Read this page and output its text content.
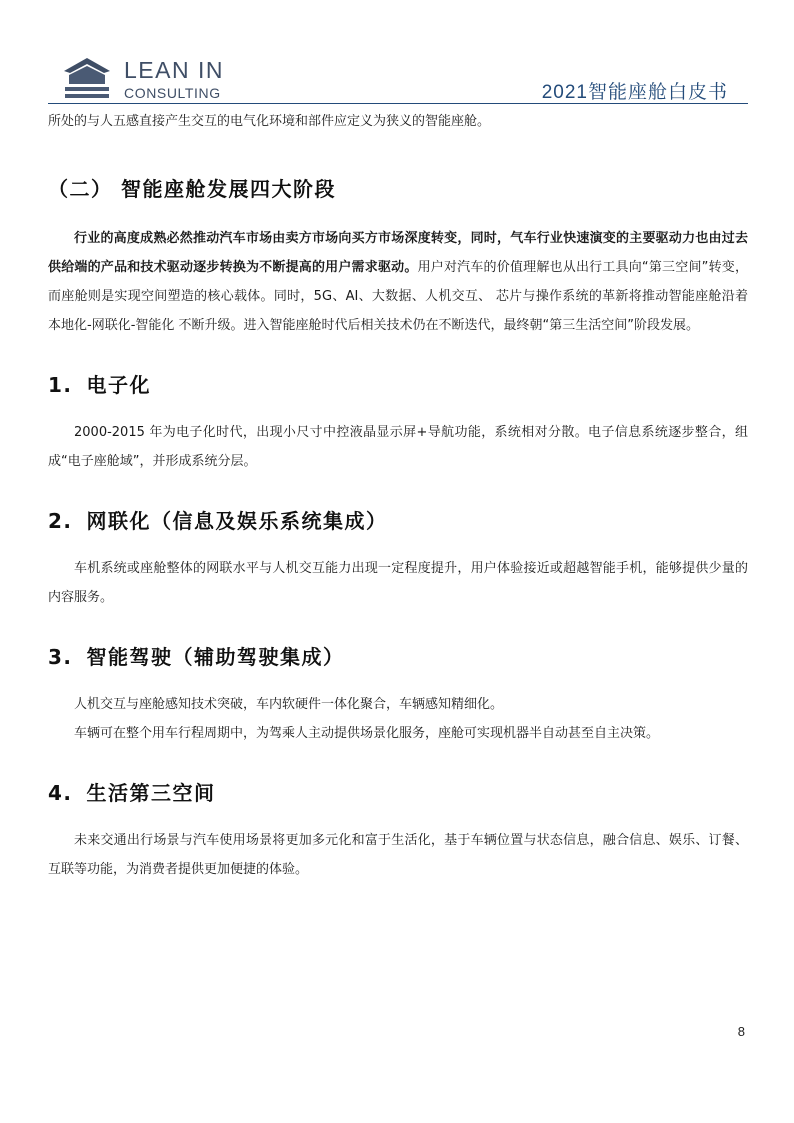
LEAN IN
CONSULTING	2021智能座舱白皮书

所处的与人五感直接产生交互的电气化环境和部件应定义为狭义的智能座舱。

（二） 智能座舱发展四大阶段

行业的高度成熟必然推动汽车市场由卖方市场向买方市场深度转变，同时，气车行业快速演变的主要驱动力也由过去供给端的产品和技术驱动逐步转换为不断提高的用户需求驱动。用户对汽车的价值理解也从出行工具向“第三空间”转变，而座舱则是实现空间塑造的核心载体。同时，5G、AI、大数据、人机交互、 芯片与操作系统的革新将推动智能座舱沿着 本地化-网联化-智能化 不断升级。进入智能座舱时代后相关技术仍在不断迭代，最终朝“第三生活空间”阶段发展。

1. 电子化

2000-2015 年为电子化时代，出现小尺寸中控液晶显示屏+导航功能，系统相对分散。电子信息系统逐步整合，组成“电子座舱域”，并形成系统分层。

2. 网联化（信息及娱乐系统集成）

车机系统或座舱整体的网联水平与人机交互能力出现一定程度提升，用户体验接近或超越智能手机，能够提供少量的内容服务。

3. 智能驾驶（辅助驾驶集成）

人机交互与座舱感知技术突破，车内软硬件一体化聚合，车辆感知精细化。

车辆可在整个用车行程周期中，为驾乘人主动提供场景化服务，座舱可实现机器半自动甚至自主决策。

4. 生活第三空间

未来交通出行场景与汽车使用场景将更加多元化和富于生活化，基于车辆位置与状态信息，融合信息、娱乐、订餐、互联等功能，为消费者提供更加便捷的体验。

8
